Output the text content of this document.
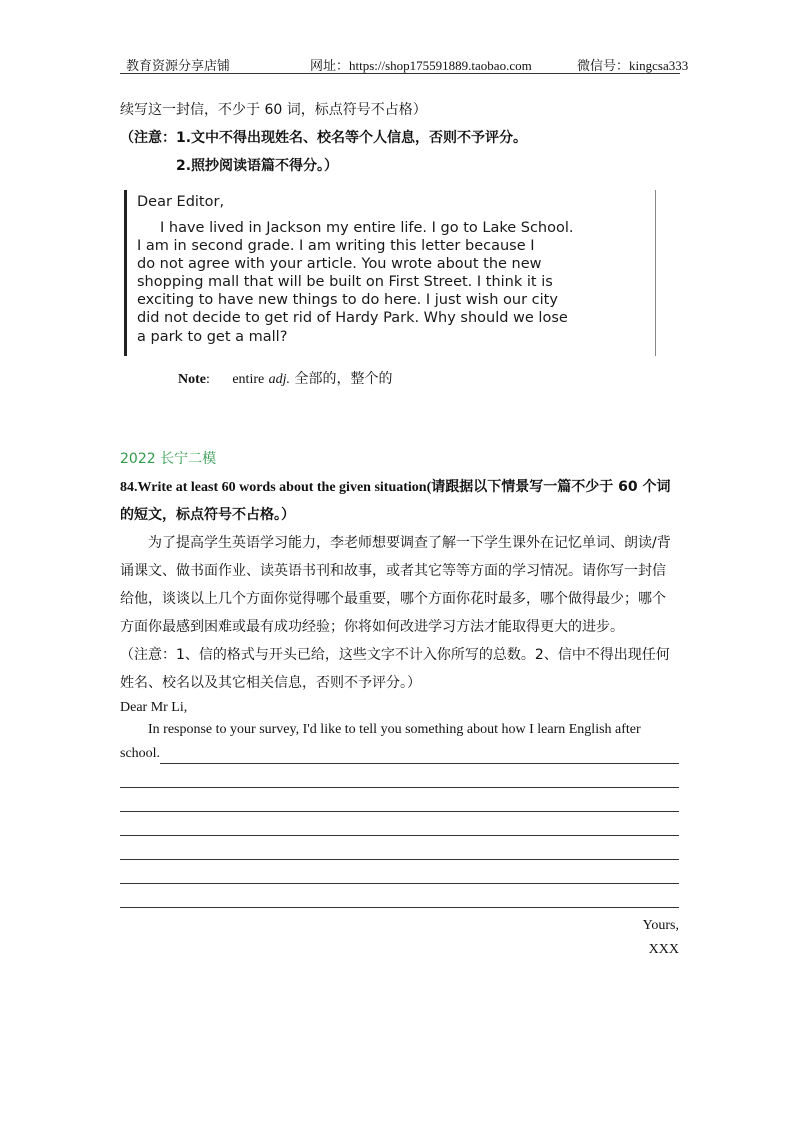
教育资源分享店铺	网址：https://shop175591889.taobao.com	微信号：kingcsa333
续写这一封信，不少于 60 词，标点符号不占格）
（注意：1.文中不得出现姓名、校名等个人信息，否则不予评分。
2.照抄阅读语篇不得分。）
Dear Editor,
I have lived in Jackson my entire life. I go to Lake School.
I am in second grade. I am writing this letter because I
do not agree with your article. You wrote about the new
shopping mall that will be built on First Street. I think it is
exciting to have new things to do here. I just wish our city
did not decide to get rid of Hardy Park. Why should we lose
a park to get a mall?
Note: entire adj. 全部的，整个的
2022 长宁二模
84.Write at least 60 words about the given situation(请跟据以下情景写一篇不少于 60 个词
的短文，标点符号不占格。）
为了提高学生英语学习能力，李老师想要调查了解一下学生课外在记忆单词、朗读/背
诵课文、做书面作业、读英语书刊和故事，或者其它等等方面的学习情况。请你写一封信
给他，谈谈以上几个方面你觉得哪个最重要，哪个方面你花时最多，哪个做得最少；哪个
方面你最感到困难或最有成功经验；你将如何改进学习方法才能取得更大的进步。
（注意：1、信的格式与开头已给，这些文字不计入你所写的总数。2、信中不得出现任何
姓名、校名以及其它相关信息，否则不予评分。）
Dear Mr Li,
In response to your survey, I'd like to tell you something about how I learn English after
school.
Yours,
XXX
